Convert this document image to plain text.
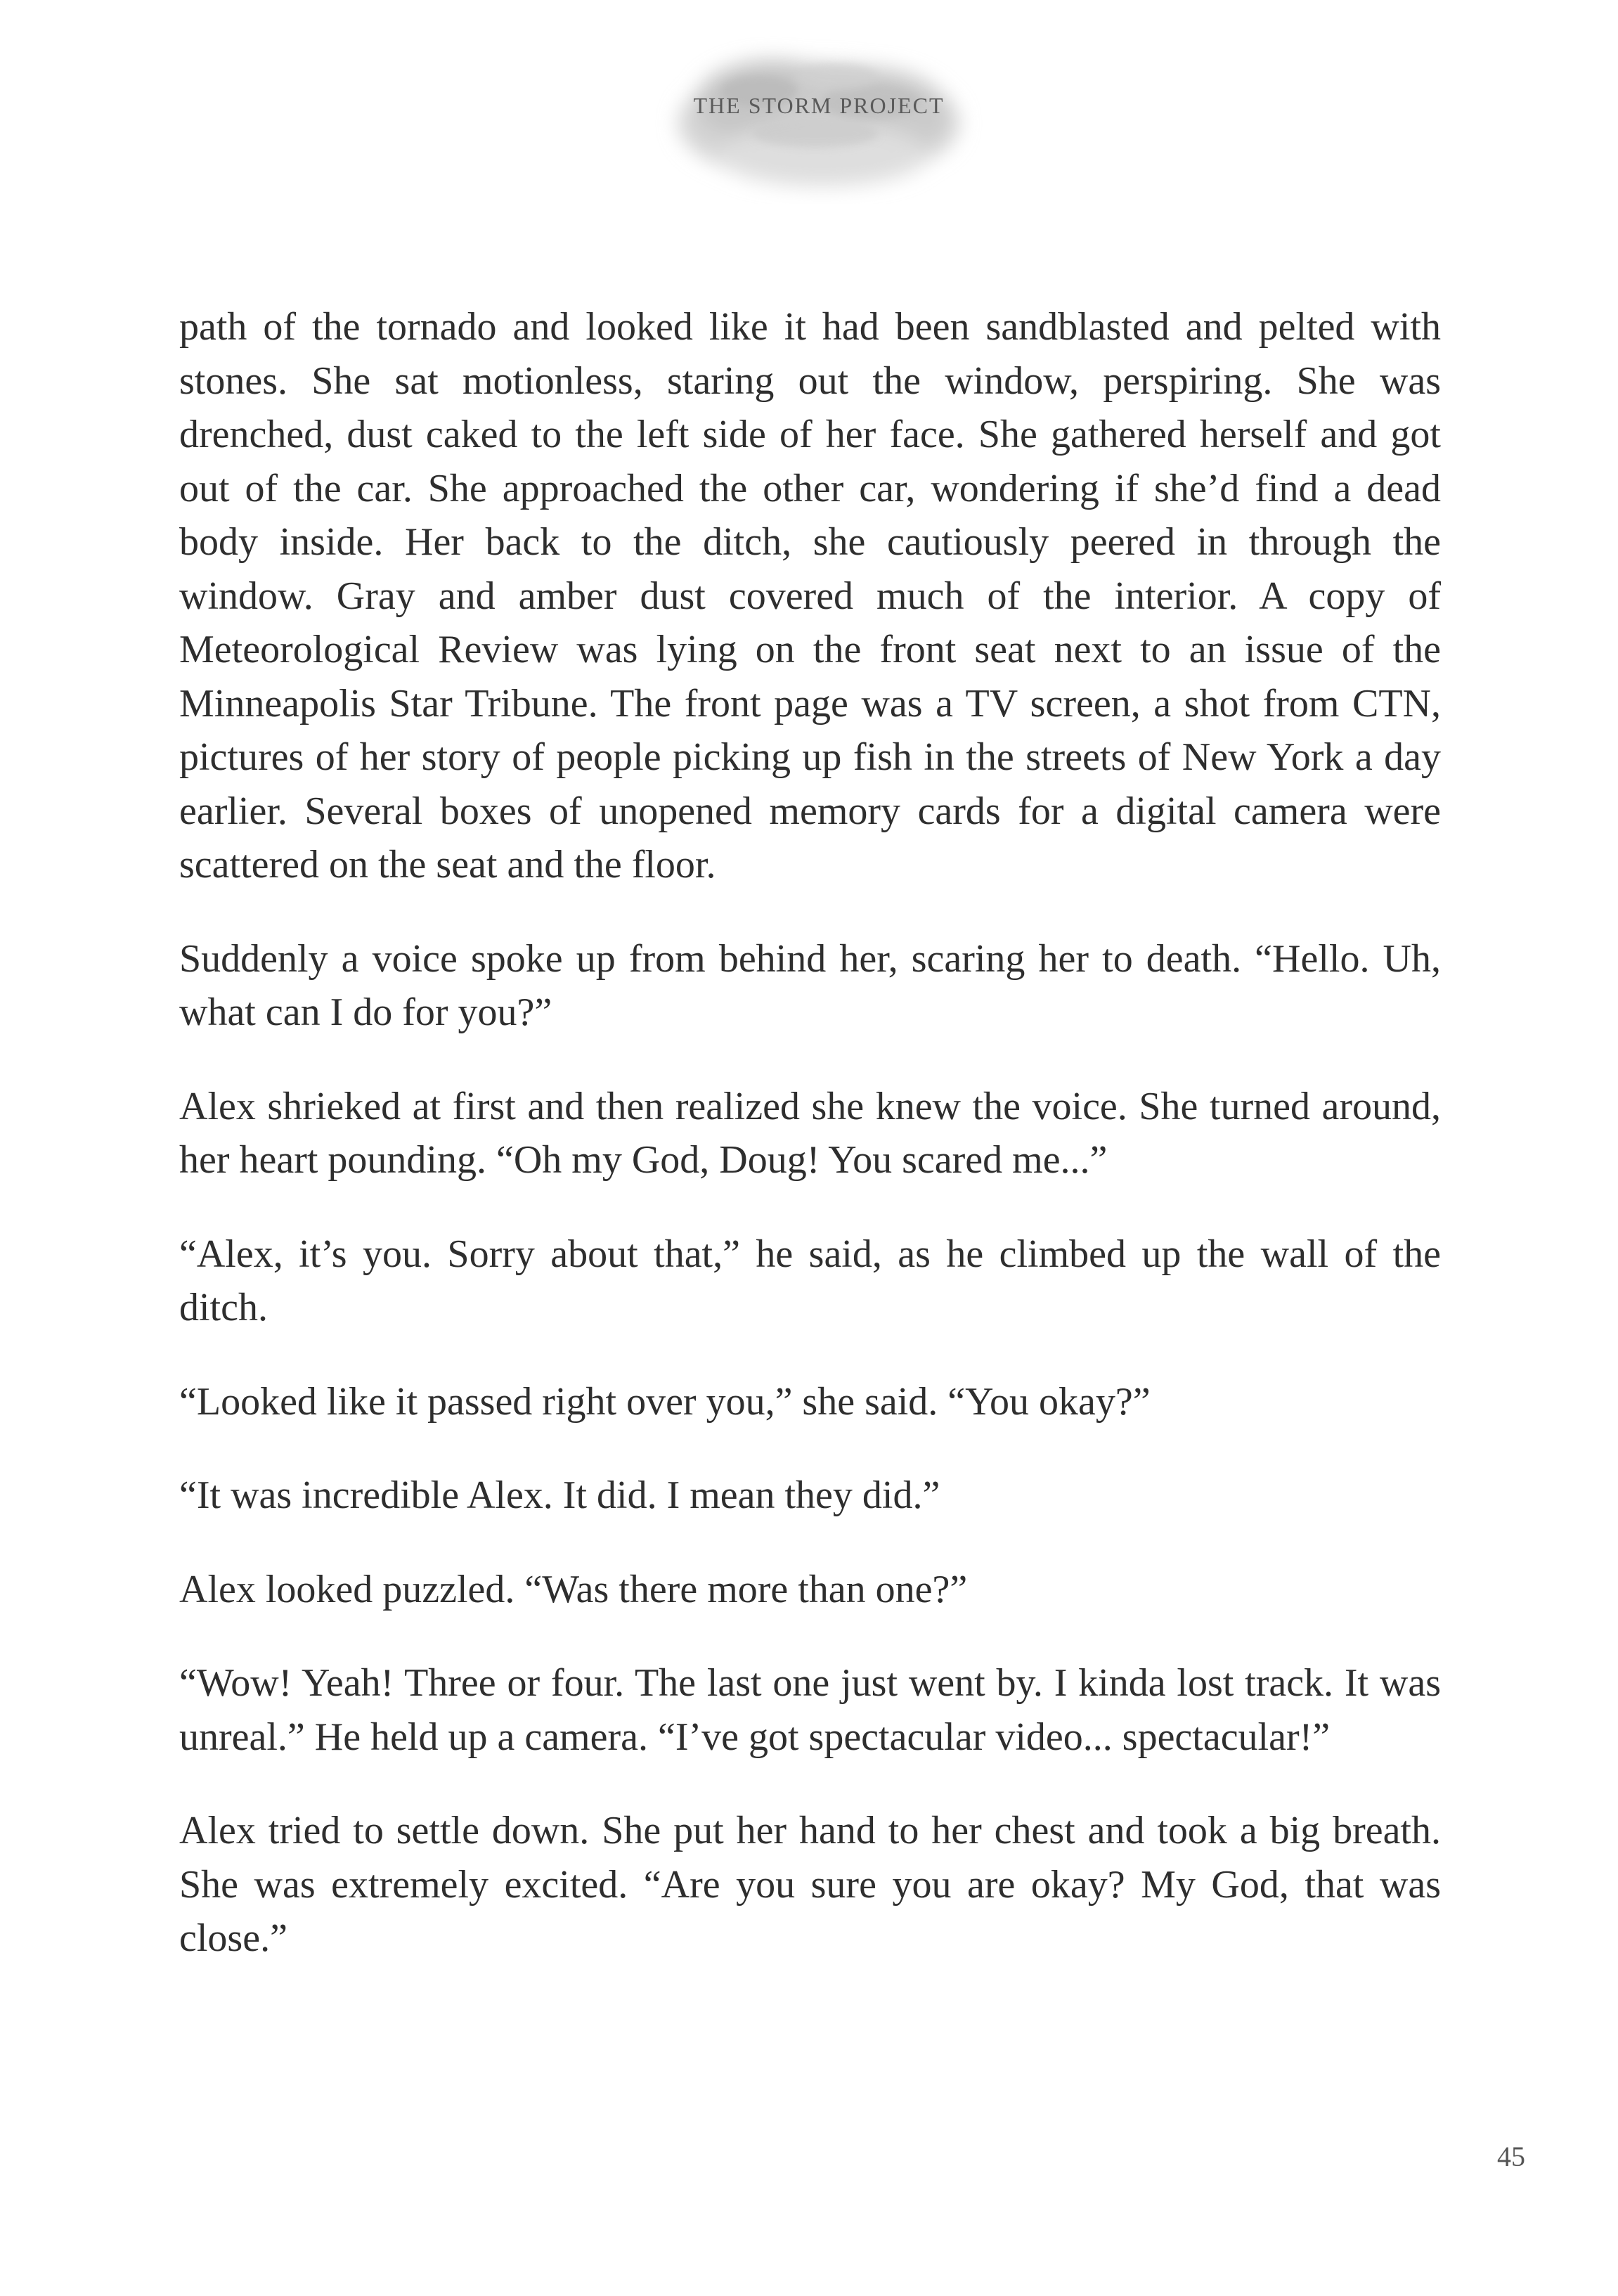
THE STORM PROJECT

path of the tornado and looked like it had been sandblasted and pelted with stones. She sat motionless, staring out the window, perspiring. She was drenched, dust caked to the left side of her face. She gathered herself and got out of the car. She approached the other car, wondering if she’d find a dead body inside. Her back to the ditch, she cautiously peered in through the window. Gray and amber dust covered much of the interior. A copy of Meteorological Review was lying on the front seat next to an issue of the Minneapolis Star Tribune. The front page was a TV screen, a shot from CTN, pictures of her story of people picking up fish in the streets of New York a day earlier. Several boxes of unopened memory cards for a digital camera were scattered on the seat and the floor.

Suddenly a voice spoke up from behind her, scaring her to death. “Hello. Uh, what can I do for you?”

Alex shrieked at first and then realized she knew the voice. She turned around, her heart pounding. “Oh my God, Doug! You scared me...”

“Alex, it’s you. Sorry about that,” he said, as he climbed up the wall of the ditch.

“Looked like it passed right over you,” she said. “You okay?”

“It was incredible Alex. It did. I mean they did.”

Alex looked puzzled. “Was there more than one?”

“Wow! Yeah! Three or four. The last one just went by. I kinda lost track. It was unreal.” He held up a camera. “I’ve got spectacular video... spectacular!”

Alex tried to settle down. She put her hand to her chest and took a big breath. She was extremely excited. “Are you sure you are okay? My God, that was close.”

45
